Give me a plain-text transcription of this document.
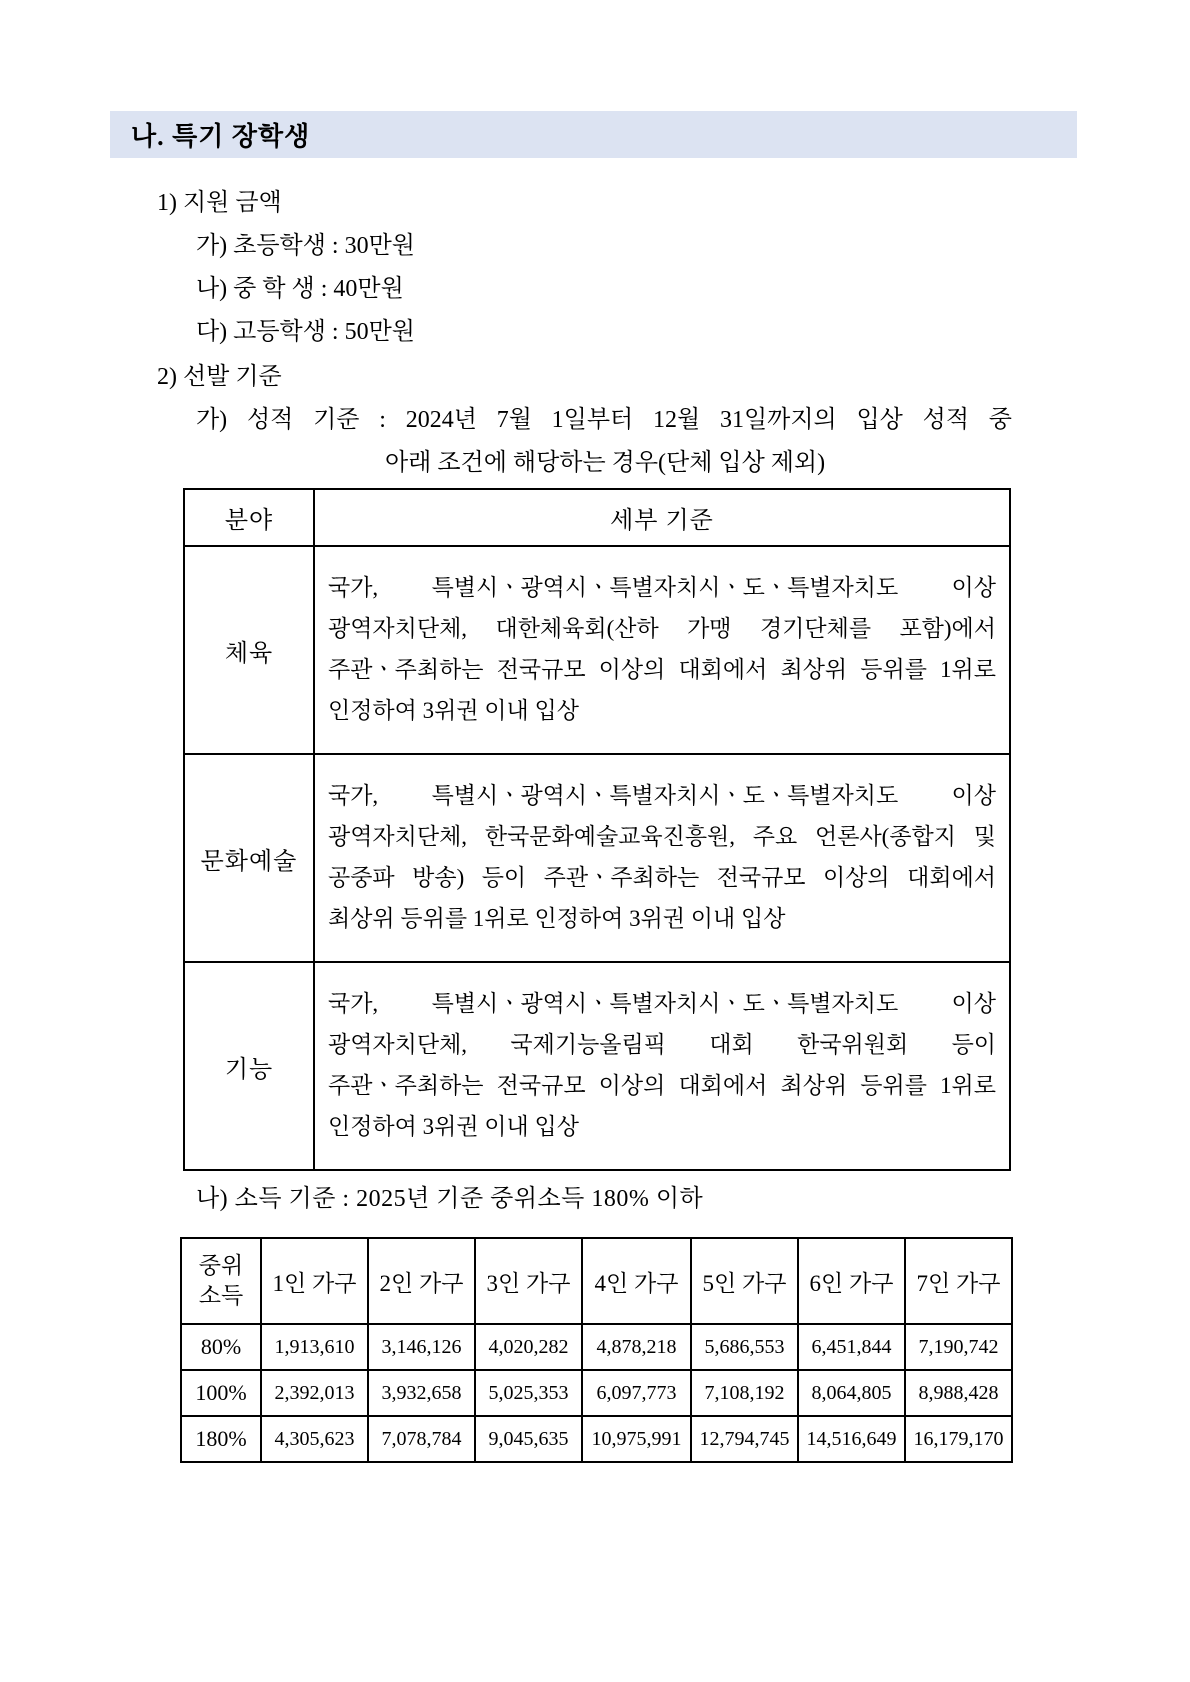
나. 특기 장학생
1) 지원 금액
가) 초등학생 : 30만원
나) 중 학 생 : 40만원
다) 고등학생 : 50만원
2) 선발 기준
가) 성적 기준 : 2024년 7월 1일부터 12월 31일까지의 입상 성적 중
아래 조건에 해당하는 경우(단체 입상 제외)
분야	세부 기준
체육	국가, 특별시ㆍ광역시ㆍ특별자치시ㆍ도ㆍ특별자치도 이상 광역자치단체, 대한체육회(산하 가맹 경기단체를 포함)에서 주관ㆍ주최하는 전국규모 이상의 대회에서 최상위 등위를 1위로 인정하여 3위권 이내 입상
문화예술	국가, 특별시ㆍ광역시ㆍ특별자치시ㆍ도ㆍ특별자치도 이상 광역자치단체, 한국문화예술교육진흥원, 주요 언론사(종합지 및 공중파 방송) 등이 주관ㆍ주최하는 전국규모 이상의 대회에서 최상위 등위를 1위로 인정하여 3위권 이내 입상
기능	국가, 특별시ㆍ광역시ㆍ특별자치시ㆍ도ㆍ특별자치도 이상 광역자치단체, 국제기능올림픽 대회 한국위원회 등이 주관ㆍ주최하는 전국규모 이상의 대회에서 최상위 등위를 1위로 인정하여 3위권 이내 입상
나) 소득 기준 : 2025년 기준 중위소득 180% 이하
중위
소득	1인 가구	2인 가구	3인 가구	4인 가구	5인 가구	6인 가구	7인 가구
80%	1,913,610	3,146,126	4,020,282	4,878,218	5,686,553	6,451,844	7,190,742
100%	2,392,013	3,932,658	5,025,353	6,097,773	7,108,192	8,064,805	8,988,428
180%	4,305,623	7,078,784	9,045,635	10,975,991	12,794,745	14,516,649	16,179,170
